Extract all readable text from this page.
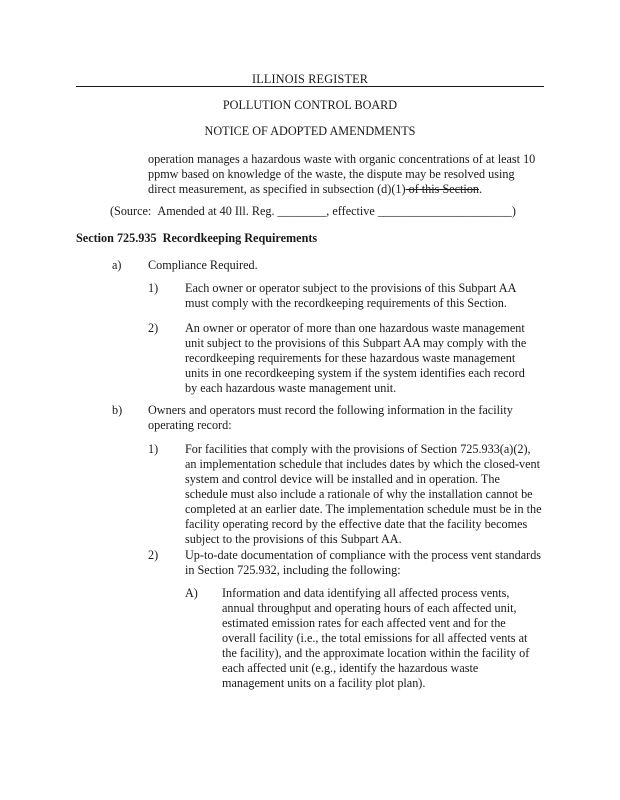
ILLINOIS REGISTER
POLLUTION CONTROL BOARD
NOTICE OF ADOPTED AMENDMENTS
operation manages a hazardous waste with organic concentrations of at least 10 ppmw based on knowledge of the waste, the dispute may be resolved using direct measurement, as specified in subsection (d)(1) of this Section.
(Source: Amended at 40 Ill. Reg. ________, effective ______________________)
Section 725.935 Recordkeeping Requirements
a) Compliance Required.
1) Each owner or operator subject to the provisions of this Subpart AA must comply with the recordkeeping requirements of this Section.
2) An owner or operator of more than one hazardous waste management unit subject to the provisions of this Subpart AA may comply with the recordkeeping requirements for these hazardous waste management units in one recordkeeping system if the system identifies each record by each hazardous waste management unit.
b) Owners and operators must record the following information in the facility operating record:
1) For facilities that comply with the provisions of Section 725.933(a)(2), an implementation schedule that includes dates by which the closed-vent system and control device will be installed and in operation. The schedule must also include a rationale of why the installation cannot be completed at an earlier date. The implementation schedule must be in the facility operating record by the effective date that the facility becomes subject to the provisions of this Subpart AA.
2) Up-to-date documentation of compliance with the process vent standards in Section 725.932, including the following:
A) Information and data identifying all affected process vents, annual throughput and operating hours of each affected unit, estimated emission rates for each affected vent and for the overall facility (i.e., the total emissions for all affected vents at the facility), and the approximate location within the facility of each affected unit (e.g., identify the hazardous waste management units on a facility plot plan).
